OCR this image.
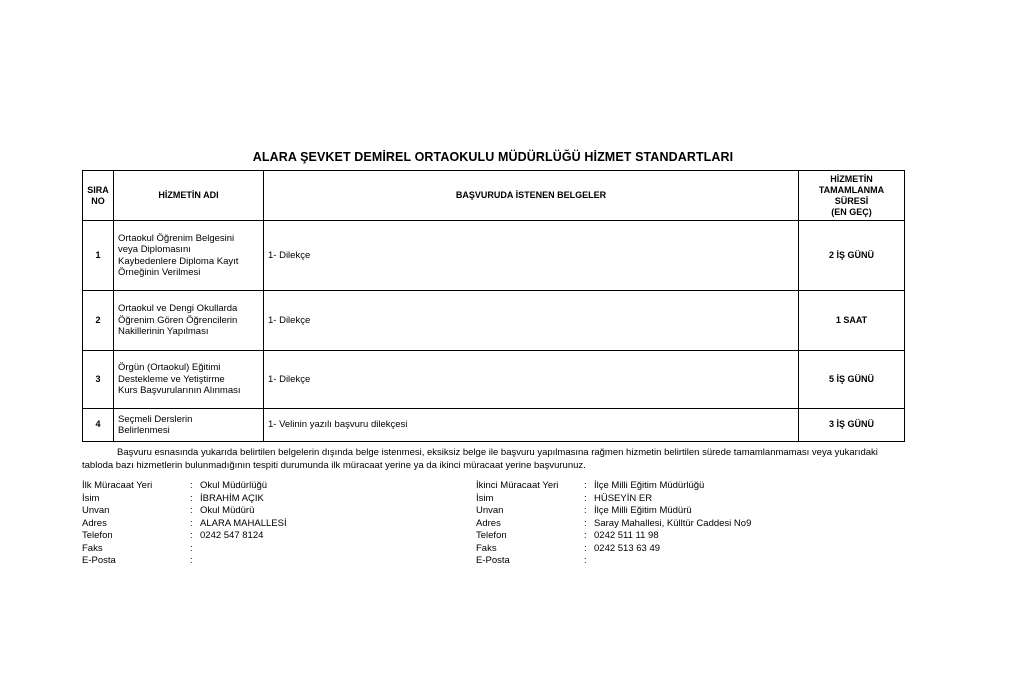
ALARA ŞEVKET DEMİREL ORTAOKULU MÜDÜRLÜĞÜ HİZMET STANDARTLARI
SIRA
NO	HİZMETİN ADI	BAŞVURUDA İSTENEN BELGELER	HİZMETİN
TAMAMLANMA
SÜRESİ
(EN GEÇ)
1	Ortaokul Öğrenim Belgesini
veya Diplomasını
Kaybedenlere Diploma Kayıt
Örneğinin Verilmesi	1- Dilekçe	2 İŞ GÜNÜ
2	Ortaokul ve Dengi Okullarda
Öğrenim Gören Öğrencilerin
Nakillerinin Yapılması	1- Dilekçe	1 SAAT
3	Örgün (Ortaokul) Eğitimi
Destekleme ve Yetiştirme
Kurs Başvurularının Alınması	1- Dilekçe	5 İŞ GÜNÜ
4	Seçmeli Derslerin
Belirlenmesi	1- Velinin yazılı başvuru dilekçesi	3 İŞ GÜNÜ

Başvuru esnasında yukarıda belirtilen belgelerin dışında belge istenmesi, eksiksiz belge ile başvuru yapılmasına rağmen hizmetin belirtilen sürede tamamlanmaması veya yukarıdaki tabloda bazı hizmetlerin bulunmadığının tespiti durumunda ilk müracaat yerine ya da ikinci müracaat yerine başvurunuz.

İlk Müracaat Yeri	: Okul Müdürlüğü
İsim	: İBRAHİM AÇIK
Unvan	: Okul Müdürü
Adres	: ALARA MAHALLESİ
Telefon	: 0242 547 8124
Faks	:
E-Posta	:
İkinci Müracaat Yeri	: İlçe Milli Eğitim Müdürlüğü
İsim	: HÜSEYİN ER
Unvan	: İlçe Milli Eğitim Müdürü
Adres	: Saray Mahallesi, Külltür Caddesi No9
Telefon	: 0242 511 11 98
Faks	: 0242 513 63 49
E-Posta	:
